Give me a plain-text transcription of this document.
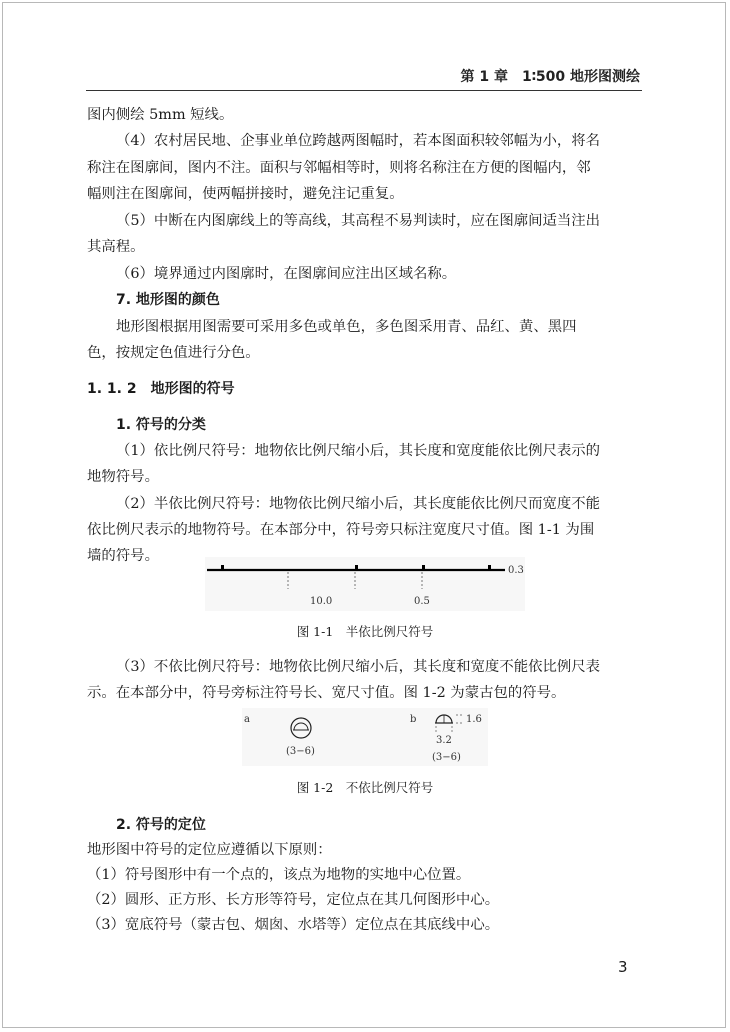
第 1 章　1∶500 地形图测绘
图内侧绘 5mm 短线。
（4）农村居民地、企事业单位跨越两图幅时，若本图面积较邻幅为小，将名
称注在图廓间，图内不注。面积与邻幅相等时，则将名称注在方便的图幅内，邻
幅则注在图廓间，使两幅拼接时，避免注记重复。
（5）中断在内图廓线上的等高线，其高程不易判读时，应在图廓间适当注出
其高程。
（6）境界通过内图廓时，在图廓间应注出区域名称。
7. 地形图的颜色
地形图根据用图需要可采用多色或单色，多色图采用青、品红、黄、黑四
色，按规定色值进行分色。
1. 1. 2　地形图的符号
1. 符号的分类
（1）依比例尺符号：地物依比例尺缩小后，其长度和宽度能依比例尺表示的
地物符号。
（2）半依比例尺符号：地物依比例尺缩小后，其长度能依比例尺而宽度不能
依比例尺表示的地物符号。在本部分中，符号旁只标注宽度尺寸值。图 1-1 为围
墙的符号。
0.3
10.0	0.5
图 1-1　半依比例尺符号
（3）不依比例尺符号：地物依比例尺缩小后，其长度和宽度不能依比例尺表
示。在本部分中，符号旁标注符号长、宽尺寸值。图 1-2 为蒙古包的符号。
a
(3−6)
b	1.6
3.2
(3−6)
图 1-2　不依比例尺符号
2. 符号的定位
地形图中符号的定位应遵循以下原则：
（1）符号图形中有一个点的，该点为地物的实地中心位置。
（2）圆形、正方形、长方形等符号，定位点在其几何图形中心。
（3）宽底符号（蒙古包、烟囱、水塔等）定位点在其底线中心。
3
